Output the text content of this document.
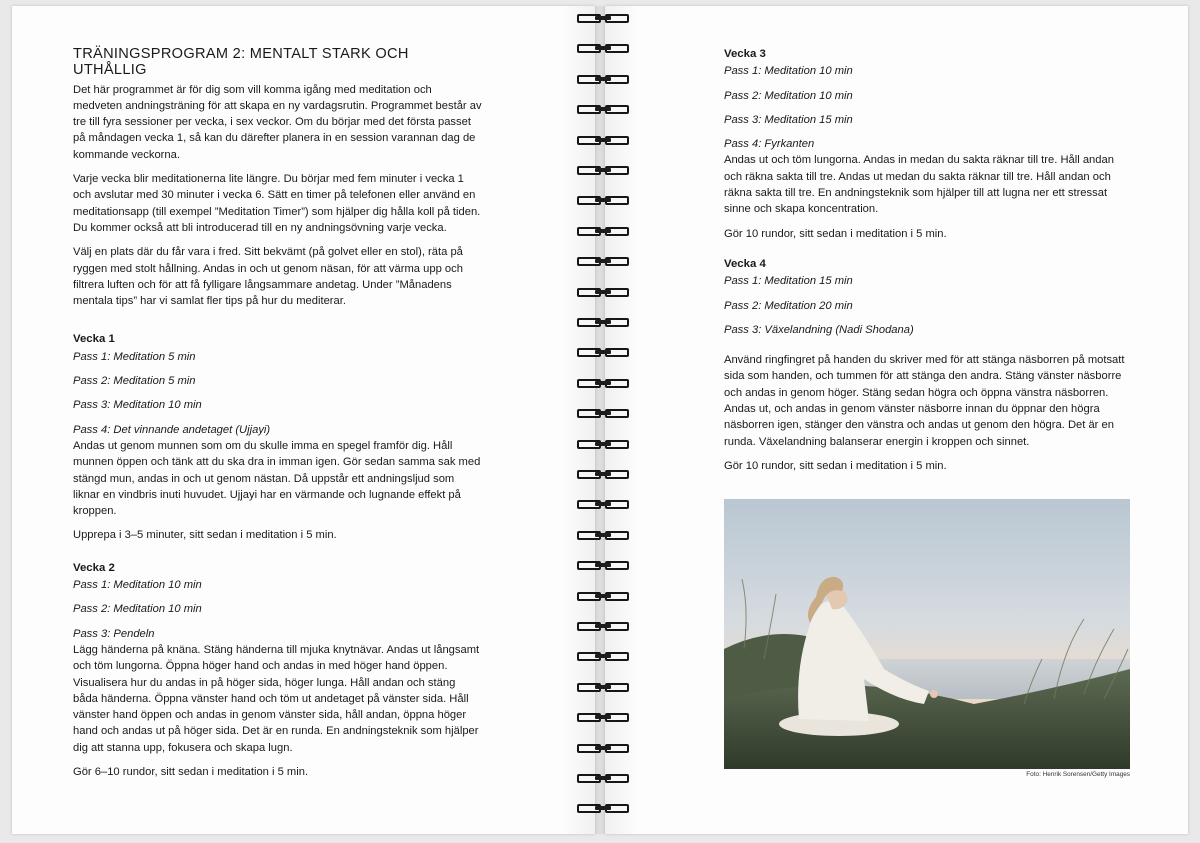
TRÄNINGSPROGRAM 2: MENTALT STARK OCH UTHÅLLIG

Det här programmet är för dig som vill komma igång med meditation och medveten andningsträning för att skapa en ny vardagsrutin. Programmet består av tre till fyra sessioner per vecka, i sex veckor. Om du börjar med det första passet på måndagen vecka 1, så kan du därefter planera in en session varannan dag de kommande veckorna.

Varje vecka blir meditationerna lite längre. Du börjar med fem minuter i vecka 1 och avslutar med 30 minuter i vecka 6. Sätt en timer på telefonen eller använd en meditationsapp (till exempel ”Meditation Timer”) som hjälper dig hålla koll på tiden. Du kommer också att bli introducerad till en ny andningsövning varje vecka.

Välj en plats där du får vara i fred. Sitt bekvämt (på golvet eller en stol), räta på ryggen med stolt hållning. Andas in och ut genom näsan, för att värma upp och filtrera luften och för att få fylligare långsammare andetag. Under ”Månadens mentala tips” har vi samlat fler tips på hur du mediterar.

Vecka 1
Pass 1: Meditation 5 min
Pass 2: Meditation 5 min
Pass 3: Meditation 10 min
Pass 4: Det vinnande andetaget (Ujjayi)

Andas ut genom munnen som om du skulle imma en spegel framför dig. Håll munnen öppen och tänk att du ska dra in imman igen. Gör sedan samma sak med stängd mun, andas in och ut genom nästan. Då uppstår ett andningsljud som liknar en vindbris inuti huvudet. Ujjayi har en värmande och lugnande effekt på kroppen.

Upprepa i 3–5 minuter, sitt sedan i meditation i 5 min.

Vecka 2
Pass 1: Meditation 10 min
Pass 2: Meditation 10 min
Pass 3: Pendeln

Lägg händerna på knäna. Stäng händerna till mjuka knytnävar. Andas ut långsamt och töm lungorna. Öppna höger hand och andas in med höger hand öppen. Visualisera hur du andas in på höger sida, höger lunga. Håll andan och stäng båda händerna. Öppna vänster hand och töm ut andetaget på vänster sida. Håll vänster hand öppen och andas in genom vänster sida, håll andan, öppna höger hand och andas ut på höger sida. Det är en runda. En andningsteknik som hjälper dig att stanna upp, fokusera och skapa lugn.

Gör 6–10 rundor, sitt sedan i meditation i 5 min.

Vecka 3
Pass 1: Meditation 10 min
Pass 2: Meditation 10 min
Pass 3: Meditation 15 min
Pass 4: Fyrkanten

Andas ut och töm lungorna. Andas in medan du sakta räknar till tre. Håll andan och räkna sakta till tre. Andas ut medan du sakta räknar till tre. Håll andan och räkna sakta till tre. En andningsteknik som hjälper till att lugna ner ett stressat sinne och skapa koncentration.

Gör 10 rundor, sitt sedan i meditation i 5 min.

Vecka 4
Pass 1: Meditation 15 min
Pass 2: Meditation 20 min
Pass 3: Växelandning (Nadi Shodana)

Använd ringfingret på handen du skriver med för att stänga näsborren på motsatt sida som handen, och tummen för att stänga den andra. Stäng vänster näsborre och andas in genom höger. Stäng sedan högra och öppna vänstra näsborren. Andas ut, och andas in genom vänster näsborre innan du öppnar den högra näsborren igen, stänger den vänstra och andas ut genom den högra. Det är en runda. Växelandning balanserar energin i kroppen och sinnet.

Gör 10 rundor, sitt sedan i meditation i 5 min.

Foto: Henrik Sorensen/Getty Images
